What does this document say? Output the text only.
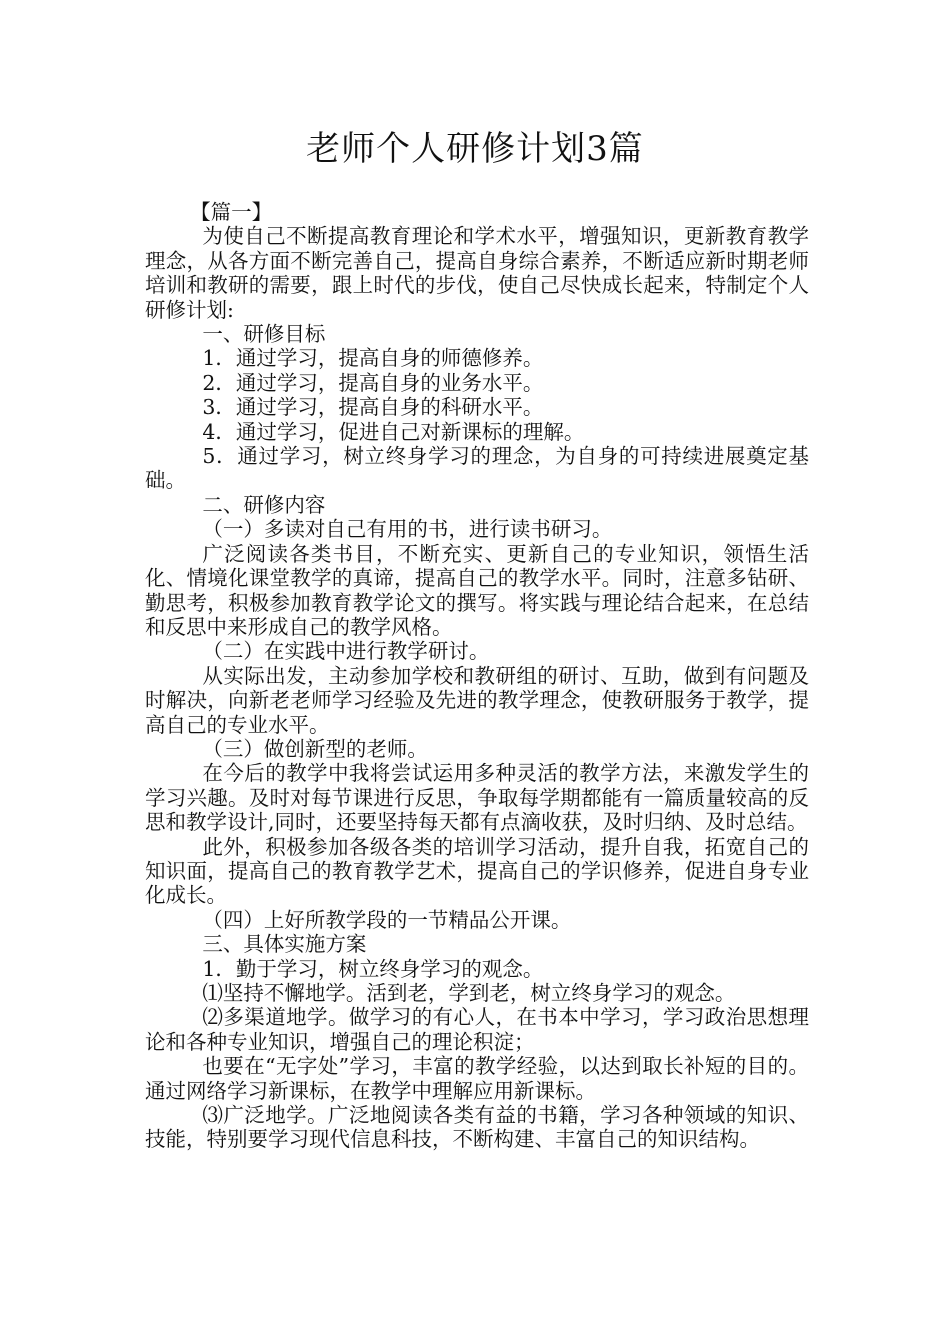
老师个人研修计划3篇

【篇一】

为使自己不断提高教育理论和学术水平，增强知识，更新教育教学理念，从各方面不断完善自己，提高自身综合素养，不断适应新时期老师培训和教研的需要，跟上时代的步伐，使自己尽快成长起来，特制定个人研修计划:

一、研修目标

1．通过学习，提高自身的师德修养。

2．通过学习，提高自身的业务水平。

3．通过学习，提高自身的科研水平。

4．通过学习，促进自己对新课标的理解。

5．通过学习，树立终身学习的理念，为自身的可持续进展奠定基础。

二、研修内容

（一）多读对自己有用的书，进行读书研习。

广泛阅读各类书目，不断充实、更新自己的专业知识，领悟生活化、情境化课堂教学的真谛，提高自己的教学水平。同时，注意多钻研、勤思考，积极参加教育教学论文的撰写。将实践与理论结合起来，在总结和反思中来形成自己的教学风格。

（二）在实践中进行教学研讨。

从实际出发，主动参加学校和教研组的研讨、互助，做到有问题及时解决，向新老老师学习经验及先进的教学理念，使教研服务于教学，提高自己的专业水平。

（三）做创新型的老师。

在今后的教学中我将尝试运用多种灵活的教学方法，来激发学生的学习兴趣。及时对每节课进行反思，争取每学期都能有一篇质量较高的反思和教学设计,同时，还要坚持每天都有点滴收获，及时归纳、及时总结。

此外，积极参加各级各类的培训学习活动，提升自我，拓宽自己的知识面，提高自己的教育教学艺术，提高自己的学识修养，促进自身专业化成长。

（四）上好所教学段的一节精品公开课。

三、具体实施方案

1．勤于学习，树立终身学习的观念。

⑴坚持不懈地学。活到老，学到老，树立终身学习的观念。

⑵多渠道地学。做学习的有心人，在书本中学习，学习政治思想理论和各种专业知识，增强自己的理论积淀；

也要在“无字处”学习，丰富的教学经验，以达到取长补短的目的。通过网络学习新课标，在教学中理解应用新课标。

⑶广泛地学。广泛地阅读各类有益的书籍，学习各种领域的知识、技能，特别要学习现代信息科技，不断构建、丰富自己的知识结构。
